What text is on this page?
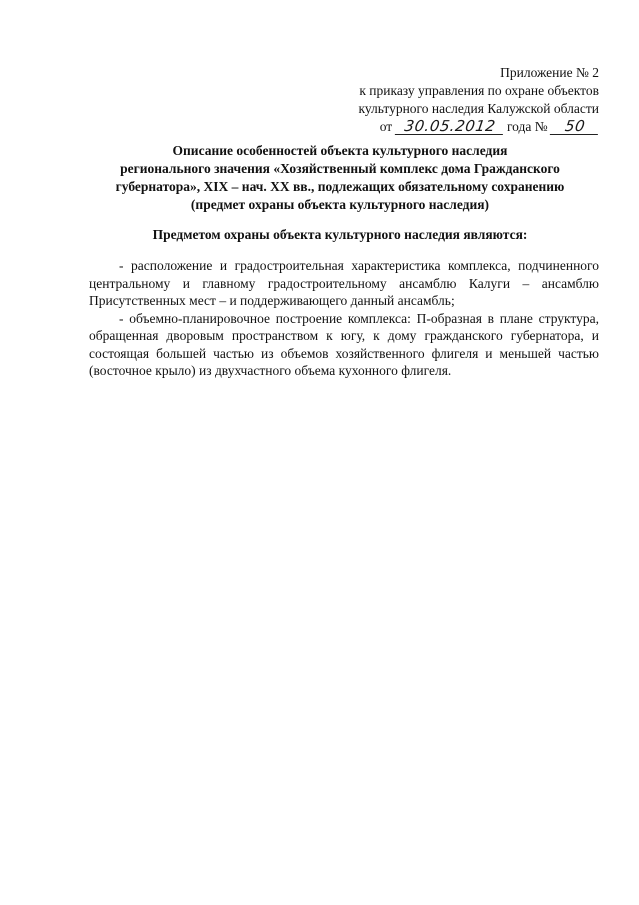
Приложение № 2
к приказу управления по охране объектов
культурного наследия Калужской области
от 30.05.2012 года № 50
Описание особенностей объекта культурного наследия
регионального значения «Хозяйственный комплекс дома Гражданского
губернатора», XIX – нач. XX вв., подлежащих обязательному сохранению
(предмет охраны объекта культурного наследия)
Предметом охраны объекта культурного наследия являются:

- расположение и градостроительная характеристика комплекса, подчиненного центральному и главному градостроительному ансамблю Калуги – ансамблю Присутственных мест – и поддерживающего данный ансамбль;

- объемно-планировочное построение комплекса: П-образная в плане структура, обращенная дворовым пространством к югу, к дому гражданского губернатора, и состоящая большей частью из объемов хозяйственного флигеля и меньшей частью (восточное крыло) из двухчастного объема кухонного флигеля.
